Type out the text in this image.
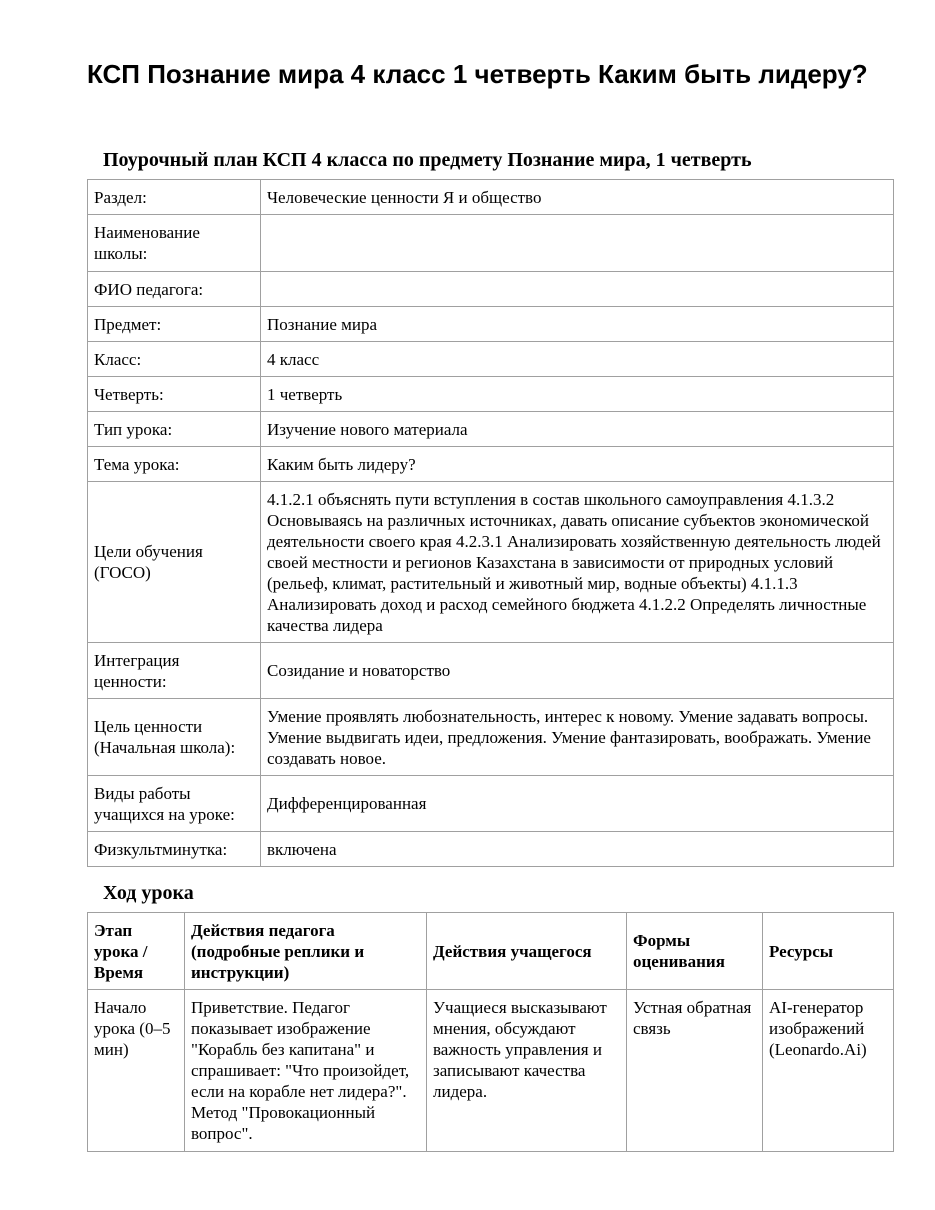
КСП Познание мира 4 класс 1 четверть Каким быть лидеру?
Поурочный план КСП 4 класса по предмету Познание мира, 1 четверть
Раздел:	Человеческие ценности Я и общество
Наименование школы:	
ФИО педагога:	
Предмет:	Познание мира
Класс:	4 класс
Четверть:	1 четверть
Тип урока:	Изучение нового материала
Тема урока:	Каким быть лидеру?
Цели обучения (ГОСО)	4.1.2.1 объяснять пути вступления в состав школьного самоуправления 4.1.3.2 Основываясь на различных источниках, давать описание субъектов экономической деятельности своего края 4.2.3.1 Анализировать хозяйственную деятельность людей своей местности и регионов Казахстана в зависимости от природных условий (рельеф, климат, растительный и животный мир, водные объекты) 4.1.1.3 Анализировать доход и расход семейного бюджета 4.1.2.2 Определять личностные качества лидера
Интеграция ценности:	Созидание и новаторство
Цель ценности (Начальная школа):	Умение проявлять любознательность, интерес к новому. Умение задавать вопросы. Умение выдвигать идеи, предложения. Умение фантазировать, воображать. Умение создавать новое.
Виды работы учащихся на уроке:	Дифференцированная
Физкультминутка:	включена
Ход урока
Этап урока / Время	Действия педагога (подробные реплики и инструкции)	Действия учащегося	Формы оценивания	Ресурсы
Начало урока (0–5 мин)	Приветствие. Педагог показывает изображение "Корабль без капитана" и спрашивает: "Что произойдет, если на корабле нет лидера?". Метод "Провокационный вопрос".	Учащиеся высказывают мнения, обсуждают важность управления и записывают качества лидера.	Устная обратная связь	AI-генератор изображений (Leonardo.Ai)
